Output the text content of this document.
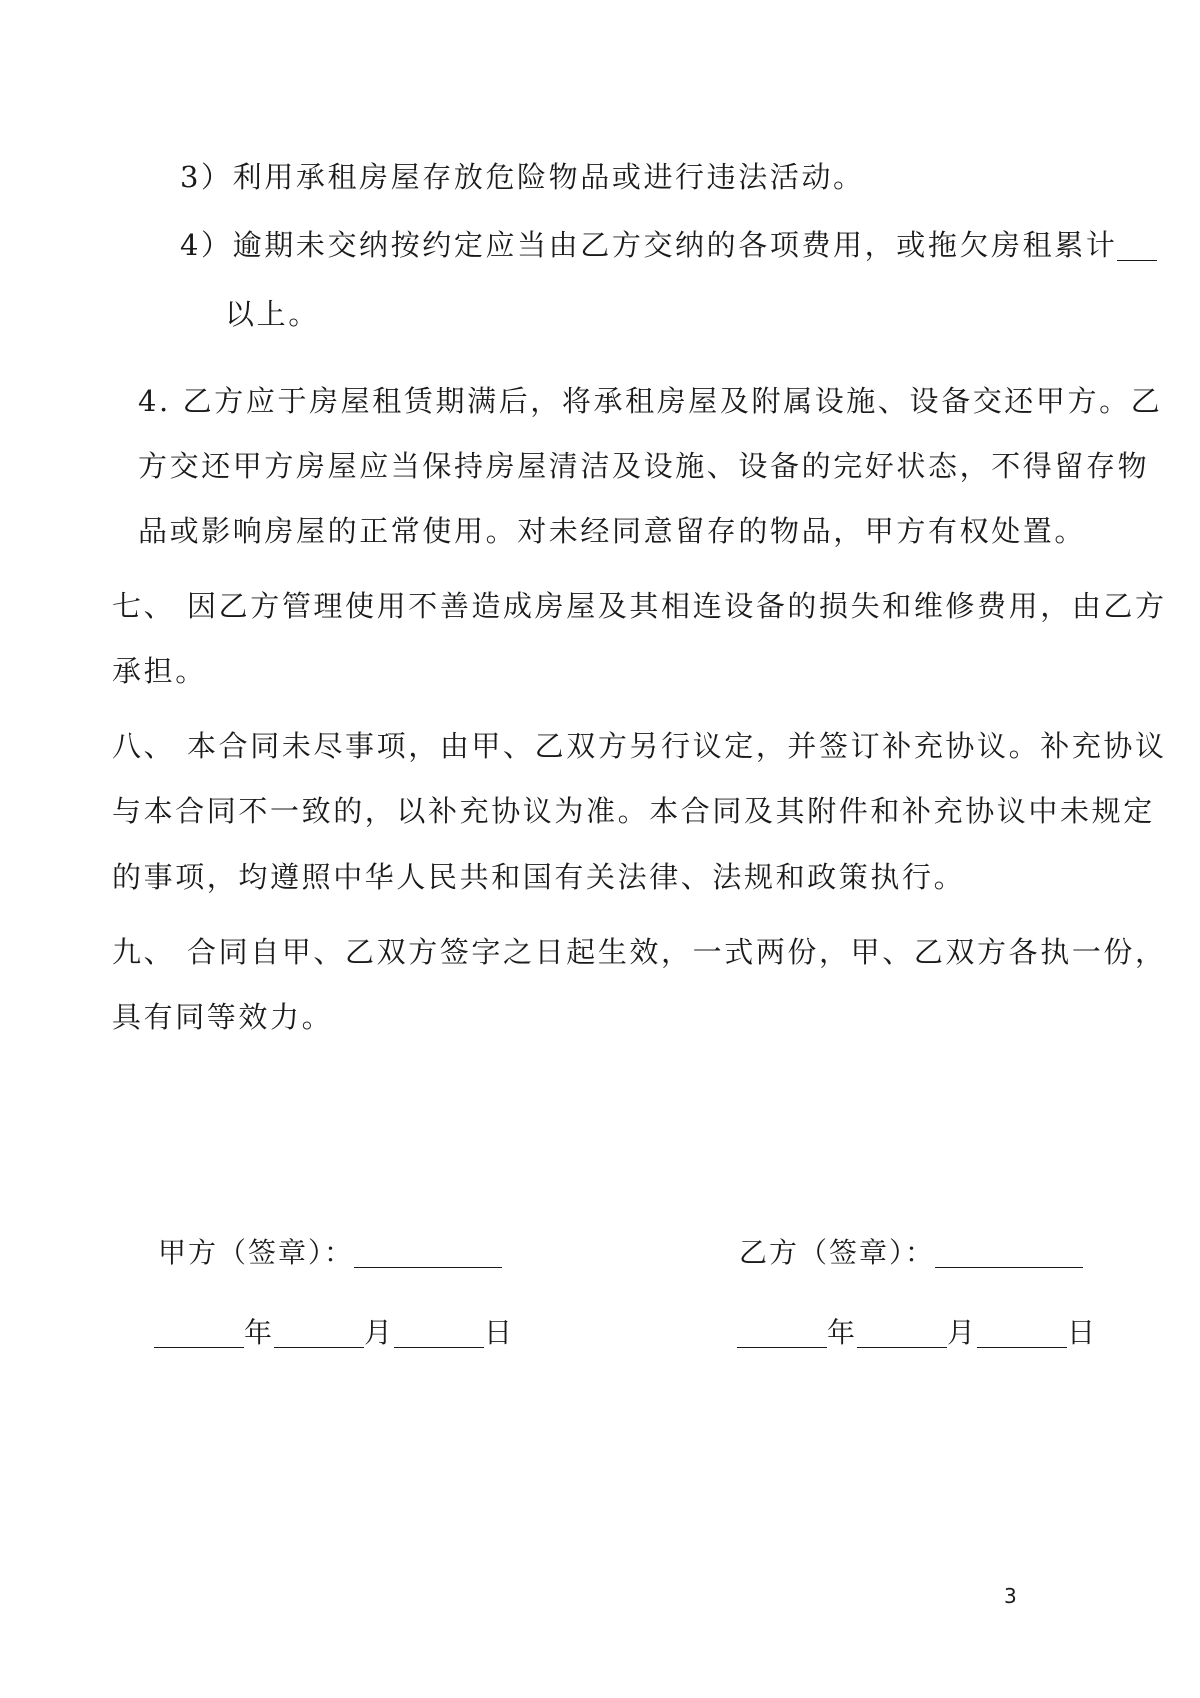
3）利用承租房屋存放危险物品或进行违法活动。
4）逾期未交纳按约定应当由乙方交纳的各项费用，或拖欠房租累计
以上。
4. 乙方应于房屋租赁期满后，将承租房屋及附属设施、设备交还甲方。乙
方交还甲方房屋应当保持房屋清洁及设施、设备的完好状态，不得留存物
品或影响房屋的正常使用。对未经同意留存的物品，甲方有权处置。
七、 因乙方管理使用不善造成房屋及其相连设备的损失和维修费用，由乙方
承担。
八、 本合同未尽事项，由甲、乙双方另行议定，并签订补充协议。补充协议
与本合同不一致的，以补充协议为准。本合同及其附件和补充协议中未规定
的事项，均遵照中华人民共和国有关法律、法规和政策执行。
九、 合同自甲、乙双方签字之日起生效，一式两份，甲、乙双方各执一份，
具有同等效力。
甲方（签章）：	乙方（签章）：
年	月	日	年	月	日
3
